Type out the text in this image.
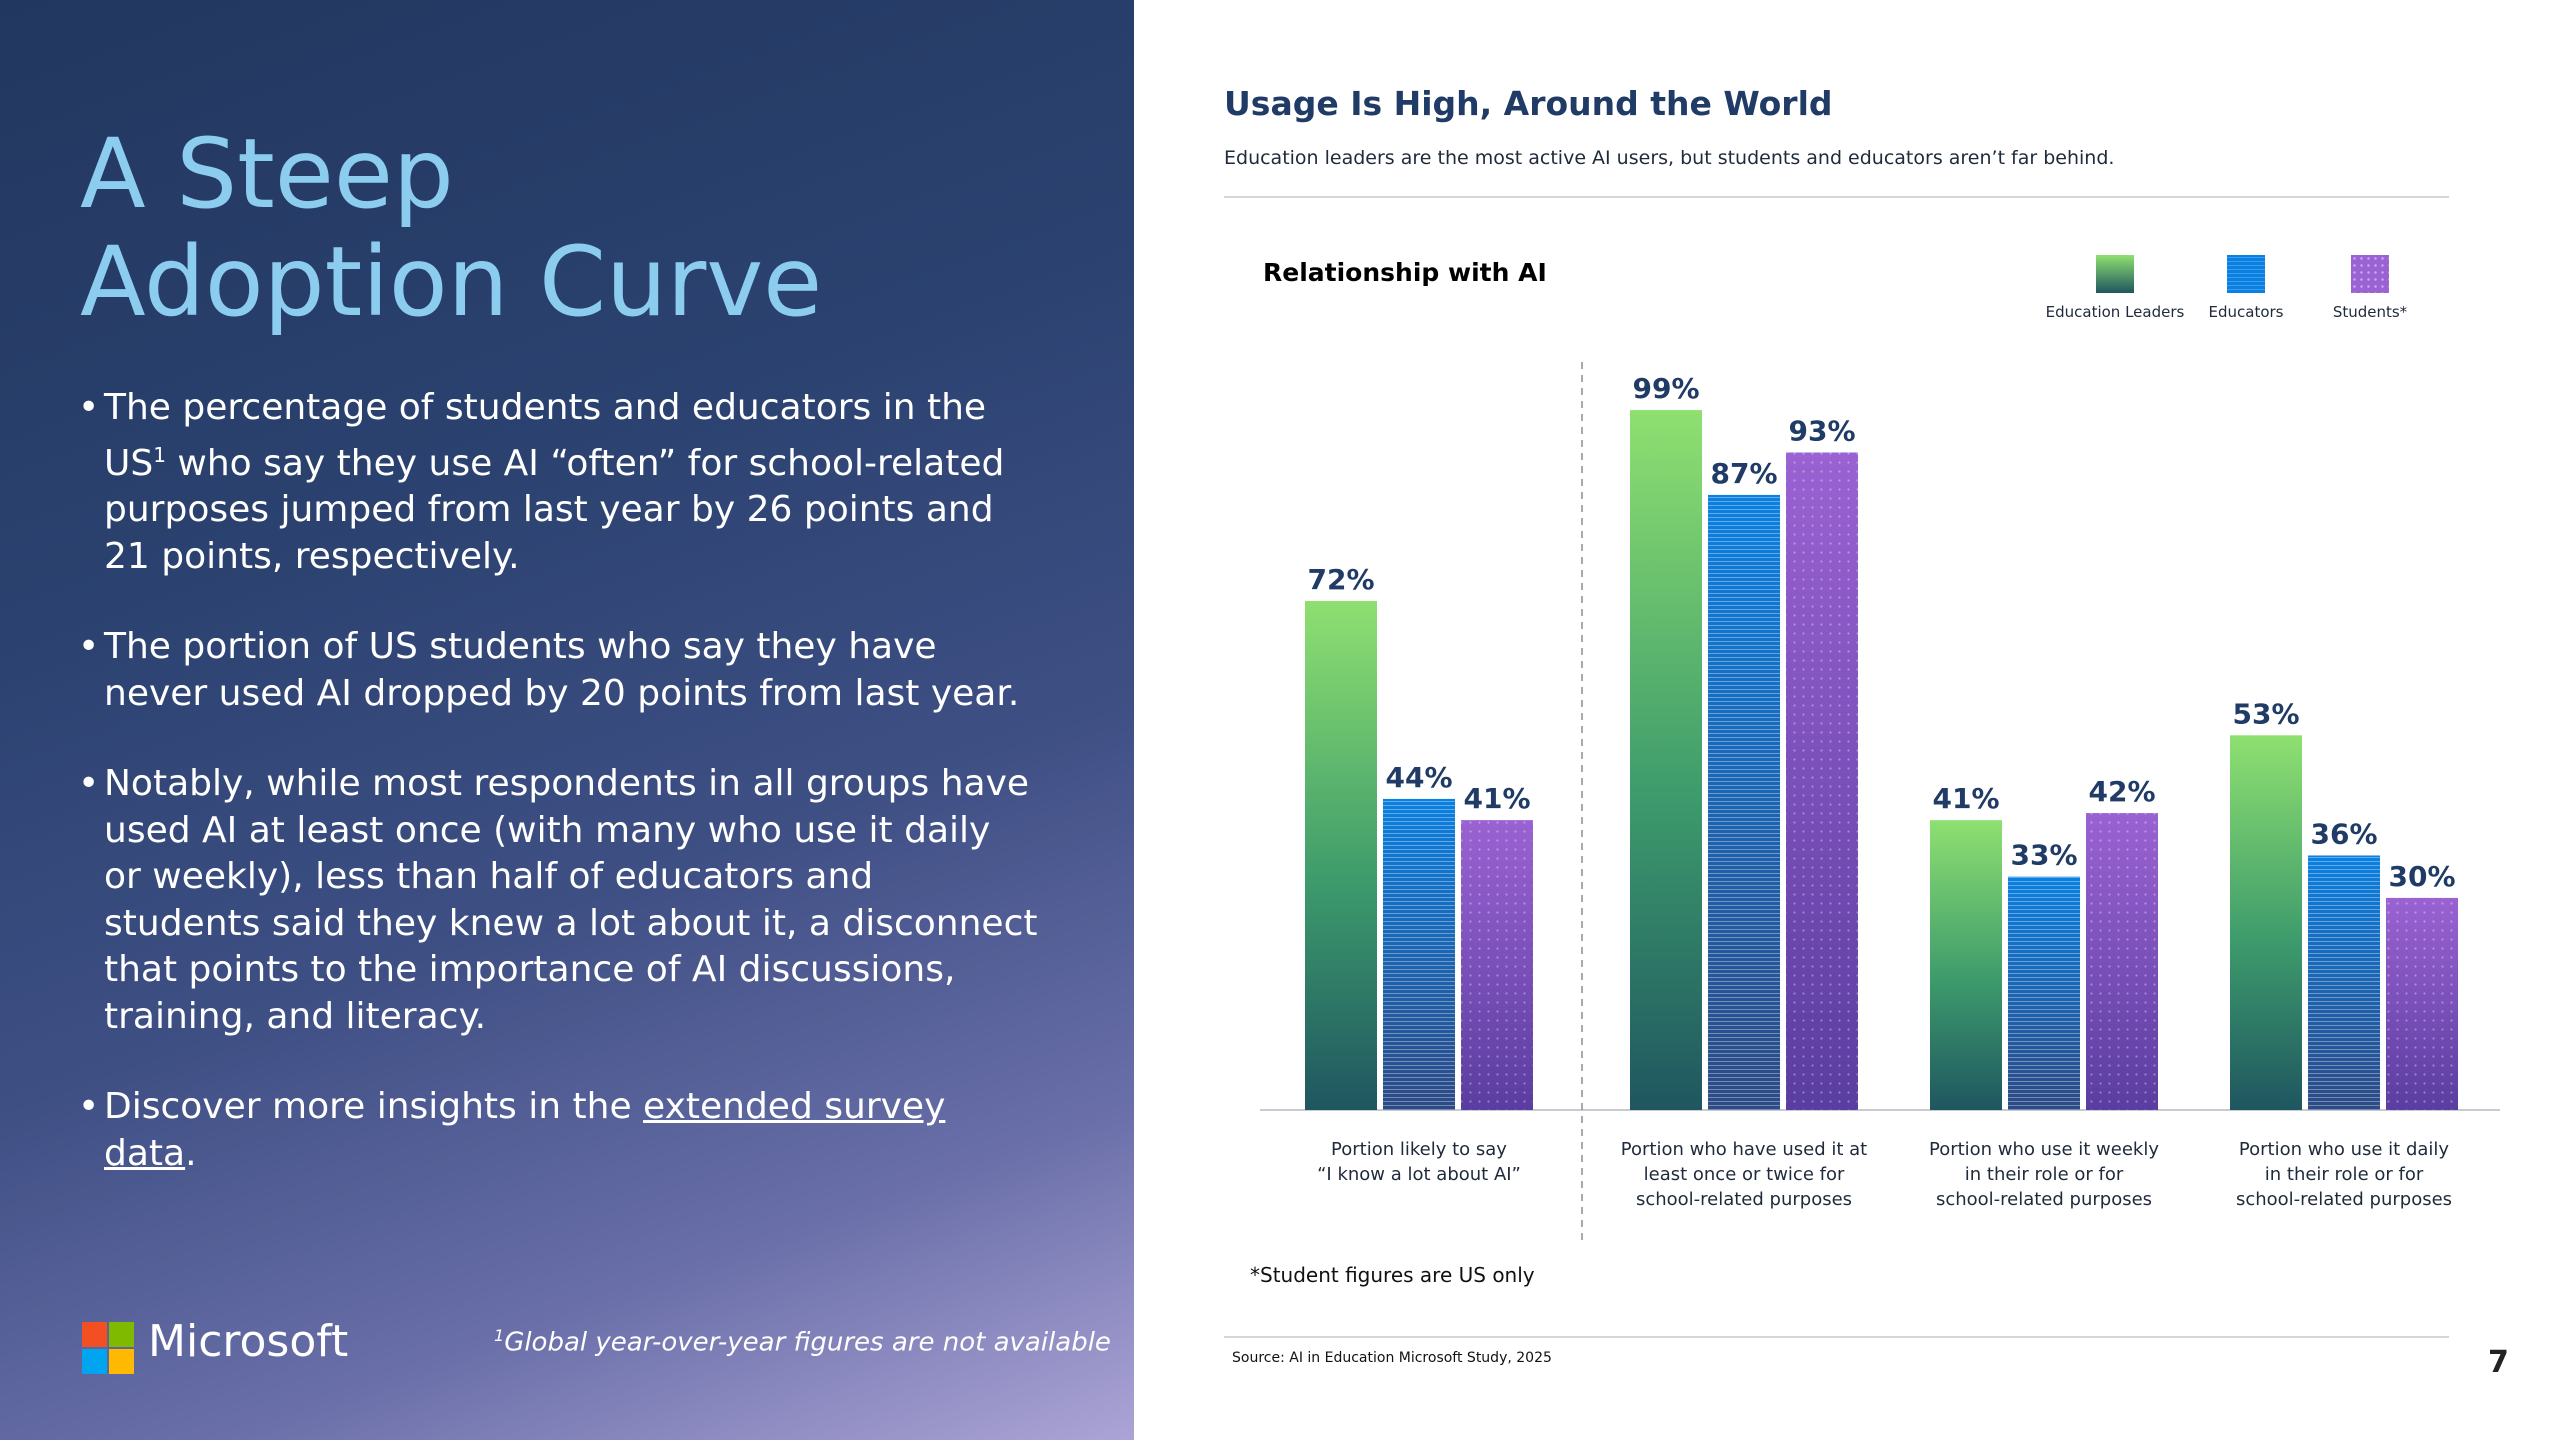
A Steep
Adoption Curve
• The percentage of students and educators in the $US^1$ who say they use AI “often” for school-related purposes jumped from last year by 26 points and 21 points, respectively.
• The portion of US students who say they have never used AI dropped by 20 points from last year.
• Notably, while most respondents in all groups have used AI at least once (with many who use it daily or weekly), less than half of educators and students said they knew a lot about it, a disconnect that points to the importance of AI discussions, training, and literacy.
• Discover more insights in the extended survey data.
Microsoft	$^1$Global year-over-year figures are not available
Usage Is High, Around the World
Education leaders are the most active AI users, but students and educators aren’t far behind.
Relationship with AI
Education Leaders	Educators	Students*
72%
44%
41%
Portion likely to say
“I know a lot about AI”
99%
87%
93%
Portion who have used it at
least once or twice for
school-related purposes
41%
33%
42%
Portion who use it weekly
in their role or for
school-related purposes
53%
36%
30%
Portion who use it daily
in their role or for
school-related purposes
*Student figures are US only
Source: AI in Education Microsoft Study, 2025	7
